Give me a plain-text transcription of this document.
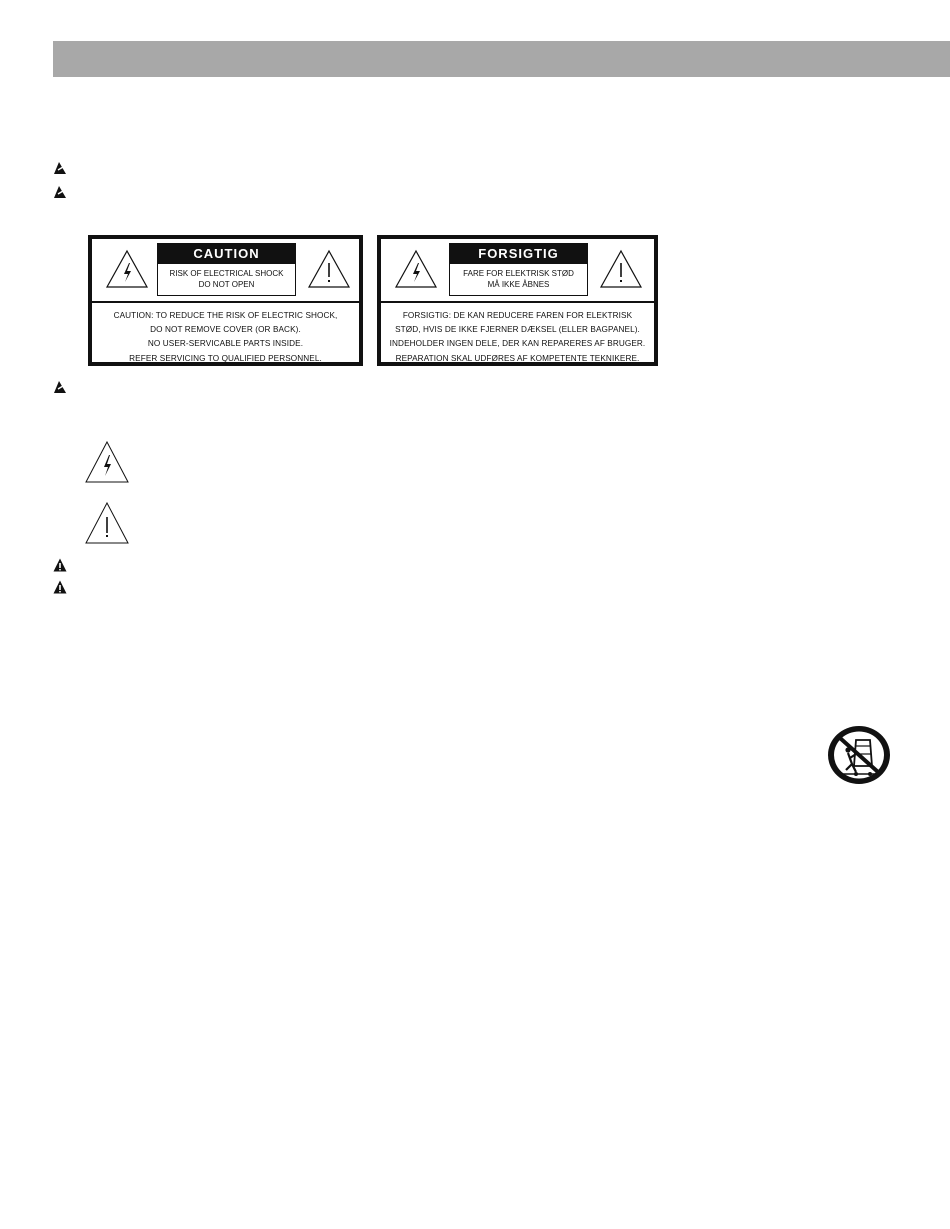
CAUTION
RISK OF ELECTRICAL SHOCK
DO NOT OPEN
CAUTION: TO REDUCE THE RISK OF ELECTRIC SHOCK,
DO NOT REMOVE COVER (OR BACK).
NO USER-SERVICABLE PARTS INSIDE.
REFER SERVICING TO QUALIFIED PERSONNEL.
FORSIGTIG
FARE FOR ELEKTRISK STØD
MÅ IKKE ÅBNES
FORSIGTIG: DE KAN REDUCERE FAREN FOR ELEKTRISK
STØD, HVIS DE IKKE FJERNER DÆKSEL (ELLER BAGPANEL).
INDEHOLDER INGEN DELE, DER KAN REPARERES AF BRUGER.
REPARATION SKAL UDFØRES AF KOMPETENTE TEKNIKERE.
